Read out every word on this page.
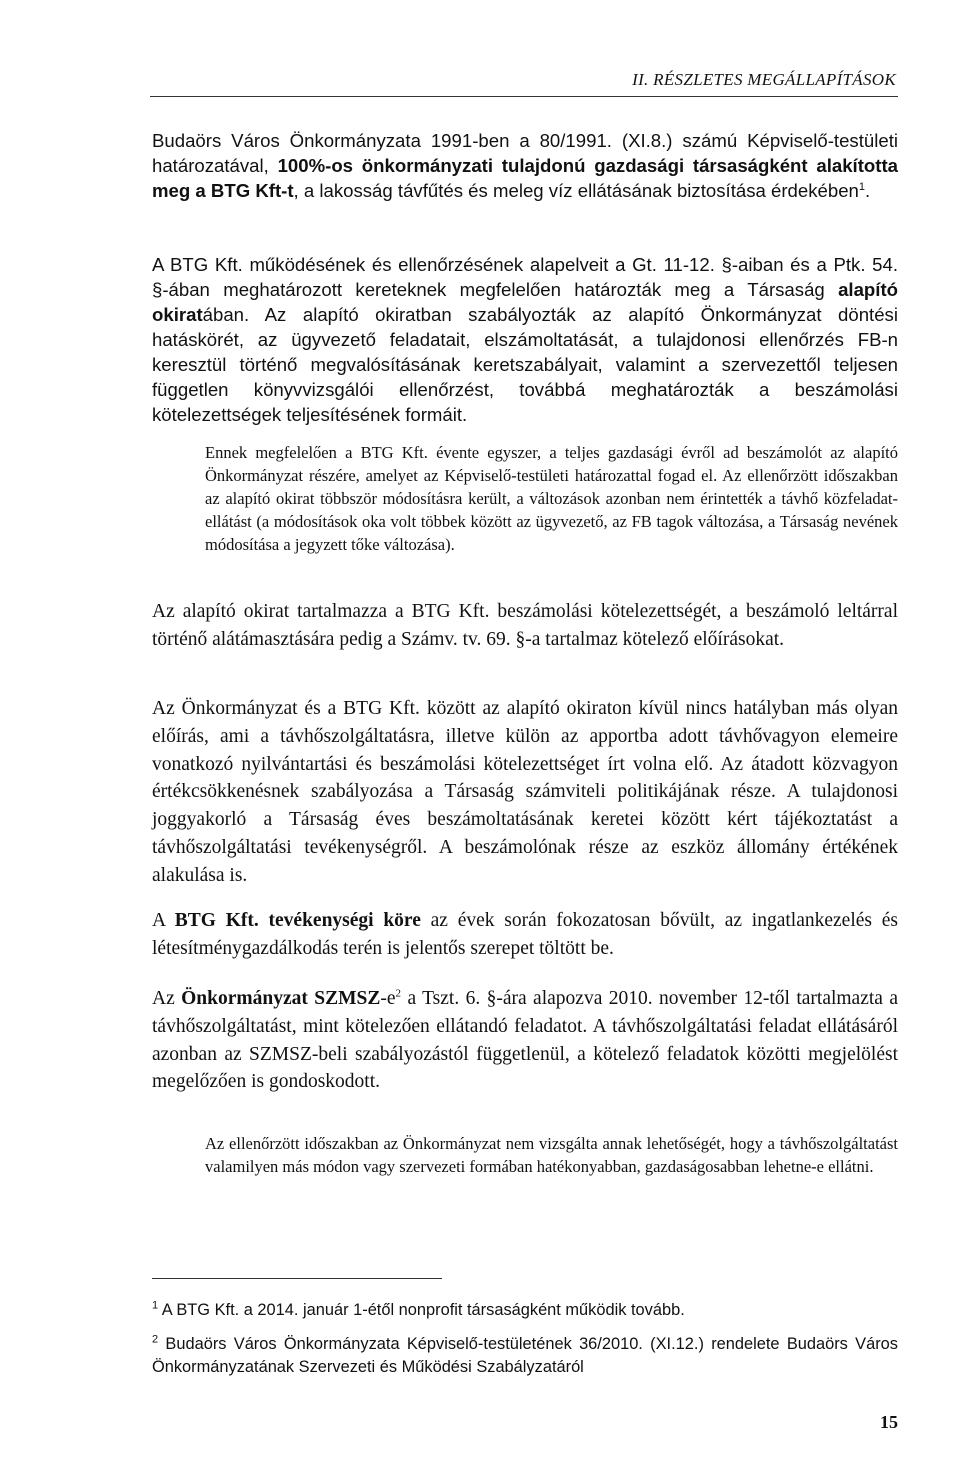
II. RÉSZLETES MEGÁLLAPÍTÁSOK

Budaörs Város Önkormányzata 1991-ben a 80/1991. (XI.8.) számú Képviselő-testületi határozatával, 100%-os önkormányzati tulajdonú gazdasági társaságként alakította meg a BTG Kft-t, a lakosság távfűtés és meleg víz ellátásának biztosítása érdekében$^1$.

A BTG Kft. működésének és ellenőrzésének alapelveit a Gt. 11-12. §-aiban és a Ptk. 54. §-ában meghatározott kereteknek megfelelően határozták meg a Társaság alapító okiratában. Az alapító okiratban szabályozták az alapító Önkormányzat döntési hatáskörét, az ügyvezető feladatait, elszámoltatását, a tulajdonosi ellenőrzés FB-n keresztül történő megvalósításának keretszabályait, valamint a szervezettől teljesen független könyvvizsgálói ellenőrzést, továbbá meghatározták a beszámolási kötelezettségek teljesítésének formáit.

Ennek megfelelően a BTG Kft. évente egyszer, a teljes gazdasági évről ad beszámolót az alapító Önkormányzat részére, amelyet az Képviselő-testületi határozattal fogad el. Az ellenőrzött időszakban az alapító okirat többször módosításra került, a változások azonban nem érintették a távhő közfeladat-ellátást (a módosítások oka volt többek között az ügyvezető, az FB tagok változása, a Társaság nevének módosítása a jegyzett tőke változása).

Az alapító okirat tartalmazza a BTG Kft. beszámolási kötelezettségét, a beszámoló leltárral történő alátámasztására pedig a Számv. tv. 69. §-a tartalmaz kötelező előírásokat.

Az Önkormányzat és a BTG Kft. között az alapító okiraton kívül nincs hatályban más olyan előírás, ami a távhőszolgáltatásra, illetve külön az apportba adott távhővagyon elemeire vonatkozó nyilvántartási és beszámolási kötelezettséget írt volna elő. Az átadott közvagyon értékcsökkenésnek szabályozása a Társaság számviteli politikájának része. A tulajdonosi joggyakorló a Társaság éves beszámoltatásának keretei között kért tájékoztatást a távhőszolgáltatási tevékenységről. A beszámolónak része az eszköz állomány értékének alakulása is.

A BTG Kft. tevékenységi köre az évek során fokozatosan bővült, az ingatlankezelés és létesítménygazdálkodás terén is jelentős szerepet töltött be.

Az Önkormányzat SZMSZ-$e^2$ a Tszt. 6. §-ára alapozva 2010. november 12-től tartalmazta a távhőszolgáltatást, mint kötelezően ellátandó feladatot. A távhőszolgáltatási feladat ellátásáról azonban az SZMSZ-beli szabályozástól függetlenül, a kötelező feladatok közötti megjelölést megelőzően is gondoskodott.

Az ellenőrzött időszakban az Önkormányzat nem vizsgálta annak lehetőségét, hogy a távhőszolgáltatást valamilyen más módon vagy szervezeti formában hatékonyabban, gazdaságosabban lehetne-e ellátni.

$^1$ A BTG Kft. a 2014. január 1-étől nonprofit társaságként működik tovább.

$^2$ Budaörs Város Önkormányzata Képviselő-testületének 36/2010. (XI.12.) rendelete Budaörs Város Önkormányzatának Szervezeti és Működési Szabályzatáról

15
